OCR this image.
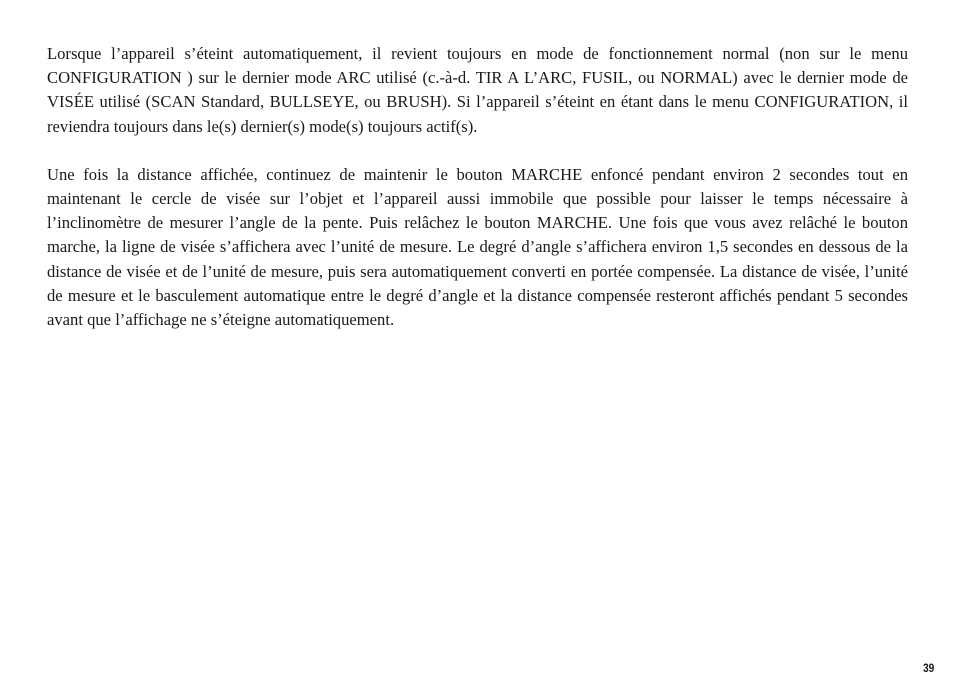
Lorsque l’appareil s’éteint automatiquement, il revient toujours en mode de fonctionnement normal (non sur le menu CONFIGURATION ) sur le dernier mode ARC utilisé (c.-à-d. TIR A L’ARC, FUSIL, ou NORMAL) avec le dernier mode de VISÉE utilisé (SCAN Standard, BULLSEYE, ou BRUSH). Si l’appareil s’éteint en étant dans le menu CONFIGURATION, il reviendra toujours dans le(s) dernier(s) mode(s) toujours actif(s).

Une fois la distance affichée, continuez de maintenir le bouton MARCHE enfoncé pendant environ 2 secondes tout en maintenant le cercle de visée sur l’objet et l’appareil aussi immobile que possible pour laisser le temps nécessaire à l’inclinomètre de mesurer l’angle de la pente. Puis relâchez le bouton MARCHE. Une fois que vous avez relâché le bouton marche, la ligne de visée s’affichera avec l’unité de mesure. Le degré d’angle s’affichera environ 1,5 secondes en dessous de la distance de visée et de l’unité de mesure, puis sera automatiquement converti en portée compensée. La distance de visée, l’unité de mesure et le basculement automatique entre le degré d’angle et la distance compensée resteront affichés pendant 5 secondes avant que l’affichage ne s’éteigne automatiquement.

39
